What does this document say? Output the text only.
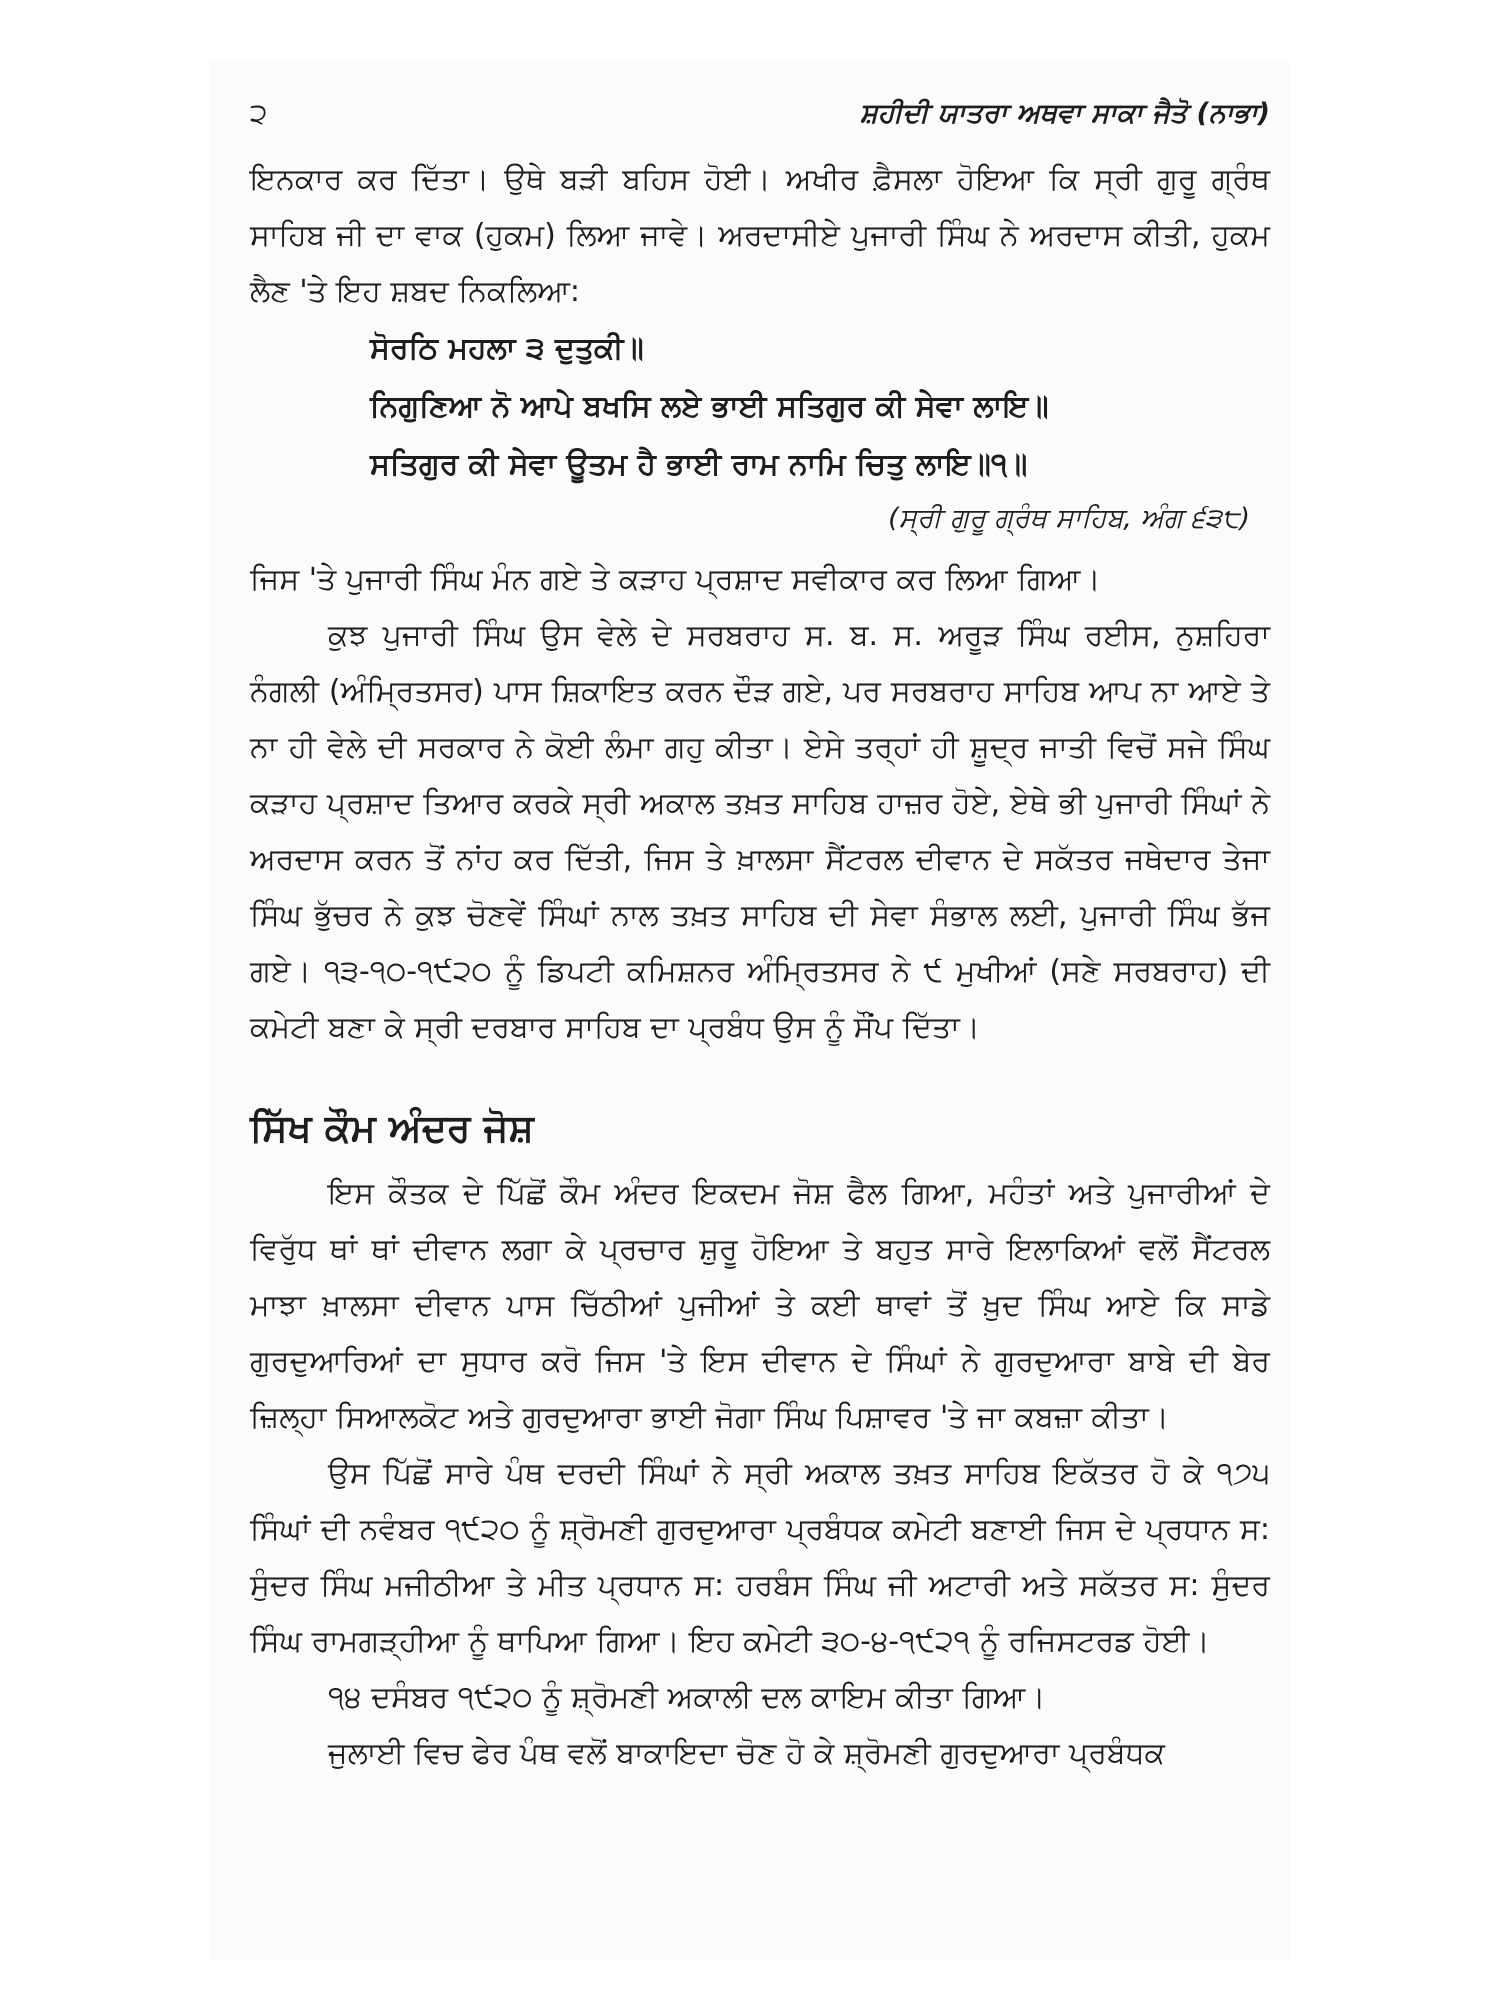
੨	ਸ਼ਹੀਦੀ ਯਾਤਰਾ ਅਥਵਾ ਸਾਕਾ ਜੈਤੋ (ਨਾਭਾ)

ਇਨਕਾਰ ਕਰ ਦਿੱਤਾ। ਉਥੇ ਬੜੀ ਬਹਿਸ ਹੋਈ। ਅਖੀਰ ਫ਼ੈਸਲਾ ਹੋਇਆ ਕਿ ਸ੍ਰੀ ਗੁਰੂ ਗ੍ਰੰਥ ਸਾਹਿਬ ਜੀ ਦਾ ਵਾਕ (ਹੁਕਮ) ਲਿਆ ਜਾਵੇ। ਅਰਦਾਸੀਏ ਪੁਜਾਰੀ ਸਿੰਘ ਨੇ ਅਰਦਾਸ ਕੀਤੀ, ਹੁਕਮ ਲੈਣ 'ਤੇ ਇਹ ਸ਼ਬਦ ਨਿਕਲਿਆ:

ਸੋਰਠਿ ਮਹਲਾ ੩ ਦੁਤੁਕੀ॥
ਨਿਗੁਣਿਆ ਨੋ ਆਪੇ ਬਖਸਿ ਲਏ ਭਾਈ ਸਤਿਗੁਰ ਕੀ ਸੇਵਾ ਲਾਇ॥
ਸਤਿਗੁਰ ਕੀ ਸੇਵਾ ਊਤਮ ਹੈ ਭਾਈ ਰਾਮ ਨਾਮਿ ਚਿਤੁ ਲਾਇ॥੧॥
(ਸ੍ਰੀ ਗੁਰੂ ਗ੍ਰੰਥ ਸਾਹਿਬ, ਅੰਗ ੬੩੮)

ਜਿਸ 'ਤੇ ਪੁਜਾਰੀ ਸਿੰਘ ਮੰਨ ਗਏ ਤੇ ਕੜਾਹ ਪ੍ਰਸ਼ਾਦ ਸਵੀਕਾਰ ਕਰ ਲਿਆ ਗਿਆ।

ਕੁਝ ਪੁਜਾਰੀ ਸਿੰਘ ਉਸ ਵੇਲੇ ਦੇ ਸਰਬਰਾਹ ਸ. ਬ. ਸ. ਅਰੂੜ ਸਿੰਘ ਰਈਸ, ਨੁਸ਼ਹਿਰਾ ਨੰਗਲੀ (ਅੰਮ੍ਰਿਤਸਰ) ਪਾਸ ਸ਼ਿਕਾਇਤ ਕਰਨ ਦੌੜ ਗਏ, ਪਰ ਸਰਬਰਾਹ ਸਾਹਿਬ ਆਪ ਨਾ ਆਏ ਤੇ ਨਾ ਹੀ ਵੇਲੇ ਦੀ ਸਰਕਾਰ ਨੇ ਕੋਈ ਲੰਮਾ ਗਹੁ ਕੀਤਾ। ਏਸੇ ਤਰ੍ਹਾਂ ਹੀ ਸ਼ੂਦ੍ਰ ਜਾਤੀ ਵਿਚੋਂ ਸਜੇ ਸਿੰਘ ਕੜਾਹ ਪ੍ਰਸ਼ਾਦ ਤਿਆਰ ਕਰਕੇ ਸ੍ਰੀ ਅਕਾਲ ਤਖ਼ਤ ਸਾਹਿਬ ਹਾਜ਼ਰ ਹੋਏ, ਏਥੇ ਭੀ ਪੁਜਾਰੀ ਸਿੰਘਾਂ ਨੇ ਅਰਦਾਸ ਕਰਨ ਤੋਂ ਨਾਂਹ ਕਰ ਦਿੱਤੀ, ਜਿਸ ਤੇ ਖ਼ਾਲਸਾ ਸੈਂਟਰਲ ਦੀਵਾਨ ਦੇ ਸਕੱਤਰ ਜਥੇਦਾਰ ਤੇਜਾ ਸਿੰਘ ਭੁੱਚਰ ਨੇ ਕੁਝ ਚੋਣਵੇਂ ਸਿੰਘਾਂ ਨਾਲ ਤਖ਼ਤ ਸਾਹਿਬ ਦੀ ਸੇਵਾ ਸੰਭਾਲ ਲਈ, ਪੁਜਾਰੀ ਸਿੰਘ ਭੱਜ ਗਏ। ੧੩-੧੦-੧੯੨੦ ਨੂੰ ਡਿਪਟੀ ਕਮਿਸ਼ਨਰ ਅੰਮ੍ਰਿਤਸਰ ਨੇ ੯ ਮੁਖੀਆਂ (ਸਣੇ ਸਰਬਰਾਹ) ਦੀ ਕਮੇਟੀ ਬਣਾ ਕੇ ਸ੍ਰੀ ਦਰਬਾਰ ਸਾਹਿਬ ਦਾ ਪ੍ਰਬੰਧ ਉਸ ਨੂੰ ਸੌਂਪ ਦਿੱਤਾ।

ਸਿੱਖ ਕੌਮ ਅੰਦਰ ਜੋਸ਼

ਇਸ ਕੌਤਕ ਦੇ ਪਿੱਛੋਂ ਕੌਮ ਅੰਦਰ ਇਕਦਮ ਜੋਸ਼ ਫੈਲ ਗਿਆ, ਮਹੰਤਾਂ ਅਤੇ ਪੁਜਾਰੀਆਂ ਦੇ ਵਿਰੁੱਧ ਥਾਂ ਥਾਂ ਦੀਵਾਨ ਲਗਾ ਕੇ ਪ੍ਰਚਾਰ ਸ਼ੁਰੂ ਹੋਇਆ ਤੇ ਬਹੁਤ ਸਾਰੇ ਇਲਾਕਿਆਂ ਵਲੋਂ ਸੈਂਟਰਲ ਮਾਝਾ ਖ਼ਾਲਸਾ ਦੀਵਾਨ ਪਾਸ ਚਿੱਠੀਆਂ ਪੁਜੀਆਂ ਤੇ ਕਈ ਥਾਵਾਂ ਤੋਂ ਖ਼ੁਦ ਸਿੰਘ ਆਏ ਕਿ ਸਾਡੇ ਗੁਰਦੁਆਰਿਆਂ ਦਾ ਸੁਧਾਰ ਕਰੋ ਜਿਸ 'ਤੇ ਇਸ ਦੀਵਾਨ ਦੇ ਸਿੰਘਾਂ ਨੇ ਗੁਰਦੁਆਰਾ ਬਾਬੇ ਦੀ ਬੇਰ ਜ਼ਿਲ੍ਹਾ ਸਿਆਲਕੋਟ ਅਤੇ ਗੁਰਦੁਆਰਾ ਭਾਈ ਜੋਗਾ ਸਿੰਘ ਪਿਸ਼ਾਵਰ 'ਤੇ ਜਾ ਕਬਜ਼ਾ ਕੀਤਾ।

ਉਸ ਪਿੱਛੋਂ ਸਾਰੇ ਪੰਥ ਦਰਦੀ ਸਿੰਘਾਂ ਨੇ ਸ੍ਰੀ ਅਕਾਲ ਤਖ਼ਤ ਸਾਹਿਬ ਇਕੱਤਰ ਹੋ ਕੇ ੧੭੫ ਸਿੰਘਾਂ ਦੀ ਨਵੰਬਰ ੧੯੨੦ ਨੂੰ ਸ਼੍ਰੋਮਣੀ ਗੁਰਦੁਆਰਾ ਪ੍ਰਬੰਧਕ ਕਮੇਟੀ ਬਣਾਈ ਜਿਸ ਦੇ ਪ੍ਰਧਾਨ ਸ: ਸੁੰਦਰ ਸਿੰਘ ਮਜੀਠੀਆ ਤੇ ਮੀਤ ਪ੍ਰਧਾਨ ਸ: ਹਰਬੰਸ ਸਿੰਘ ਜੀ ਅਟਾਰੀ ਅਤੇ ਸਕੱਤਰ ਸ: ਸੁੰਦਰ ਸਿੰਘ ਰਾਮਗੜ੍ਹੀਆ ਨੂੰ ਥਾਪਿਆ ਗਿਆ। ਇਹ ਕਮੇਟੀ ੩੦-੪-੧੯੨੧ ਨੂੰ ਰਜਿਸਟਰਡ ਹੋਈ।

੧੪ ਦਸੰਬਰ ੧੯੨੦ ਨੂੰ ਸ਼੍ਰੋਮਣੀ ਅਕਾਲੀ ਦਲ ਕਾਇਮ ਕੀਤਾ ਗਿਆ।

ਜੁਲਾਈ ਵਿਚ ਫੇਰ ਪੰਥ ਵਲੋਂ ਬਾਕਾਇਦਾ ਚੋਣ ਹੋ ਕੇ ਸ਼੍ਰੋਮਣੀ ਗੁਰਦੁਆਰਾ ਪ੍ਰਬੰਧਕ
